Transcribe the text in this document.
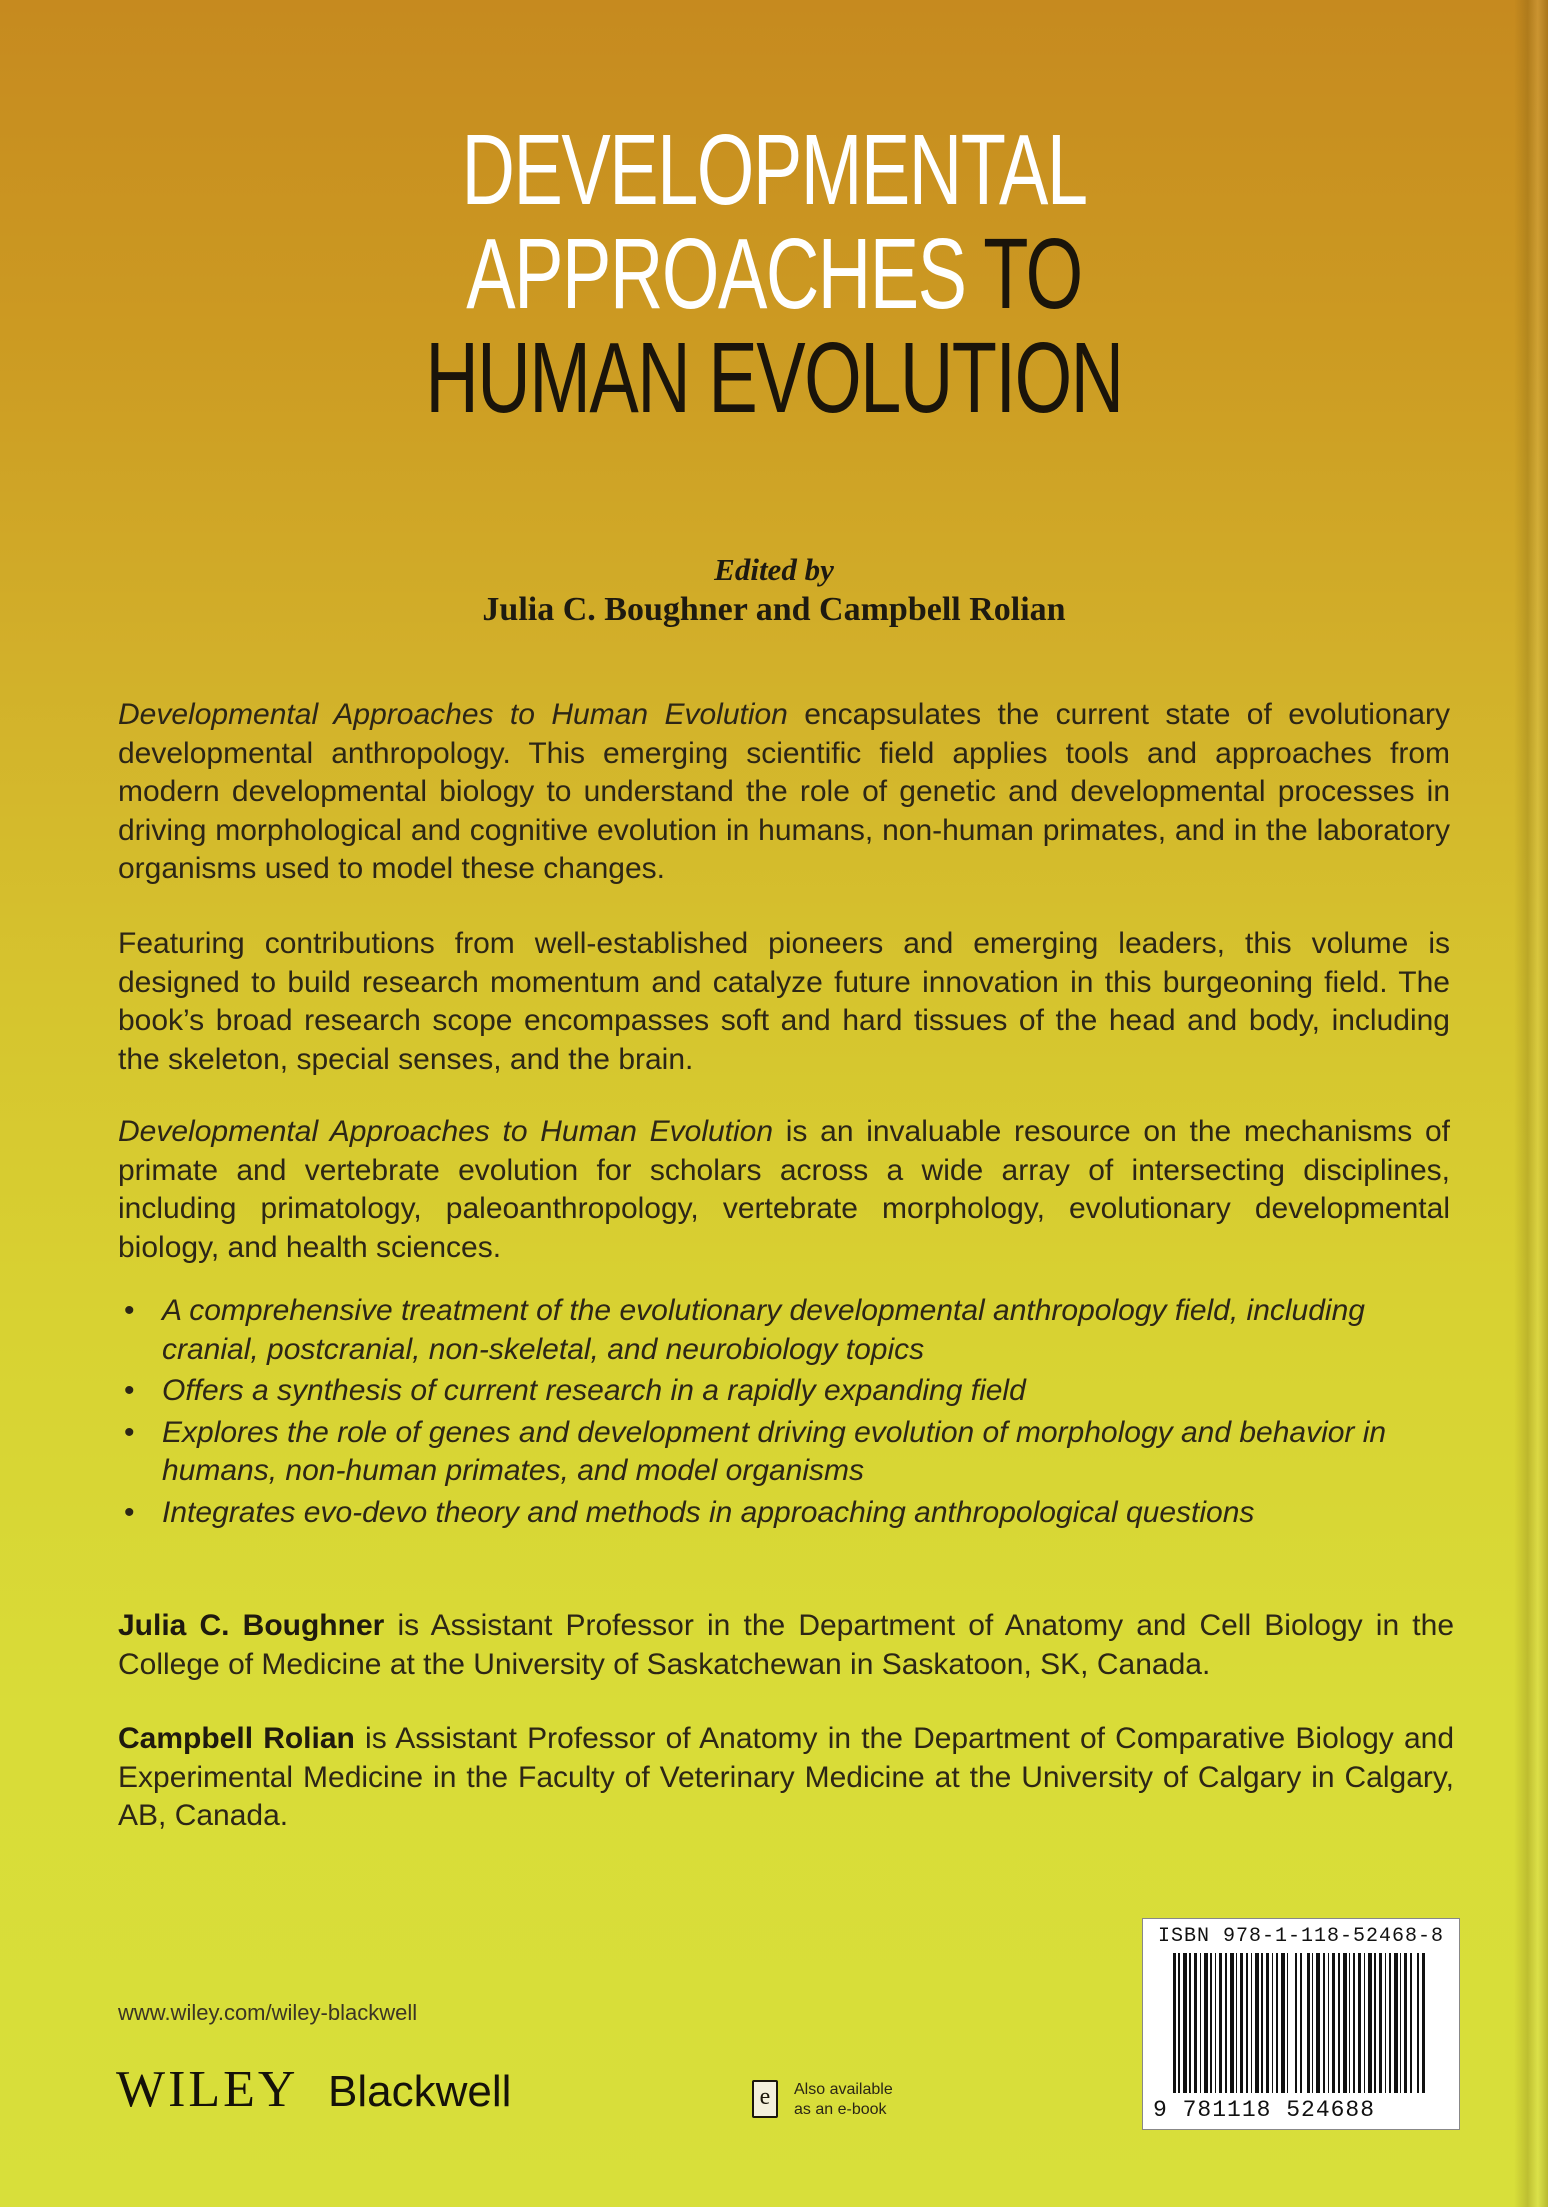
DEVELOPMENTAL
APPROACHES TO
HUMAN EVOLUTION
Edited by
Julia C. Boughner and Campbell Rolian

Developmental Approaches to Human Evolution encapsulates the current state of evolutionary developmental anthropology. This emerging scientific field applies tools and approaches from modern developmental biology to understand the role of genetic and developmental processes in driving morphological and cognitive evolution in humans, non-human primates, and in the laboratory organisms used to model these changes.

Featuring contributions from well-established pioneers and emerging leaders, this volume is designed to build research momentum and catalyze future innovation in this burgeoning field. The book’s broad research scope encompasses soft and hard tissues of the head and body, including the skeleton, special senses, and the brain.

Developmental Approaches to Human Evolution is an invaluable resource on the mechanisms of primate and vertebrate evolution for scholars across a wide array of intersecting disciplines, including primatology, paleoanthropology, vertebrate morphology, evolutionary developmental biology, and health sciences.

• A comprehensive treatment of the evolutionary developmental anthropology field, including cranial, postcranial, non-skeletal, and neurobiology topics
• Offers a synthesis of current research in a rapidly expanding field
• Explores the role of genes and development driving evolution of morphology and behavior in humans, non-human primates, and model organisms
• Integrates evo-devo theory and methods in approaching anthropological questions

Julia C. Boughner is Assistant Professor in the Department of Anatomy and Cell Biology in the College of Medicine at the University of Saskatchewan in Saskatoon, SK, Canada.

Campbell Rolian is Assistant Professor of Anatomy in the Department of Comparative Biology and Experimental Medicine in the Faculty of Veterinary Medicine at the University of Calgary in Calgary, AB, Canada.

www.wiley.com/wiley-blackwell
WILEY Blackwell	e	Also available
as an e-book
ISBN 978-1-118-52468-8
9 781118 524688
